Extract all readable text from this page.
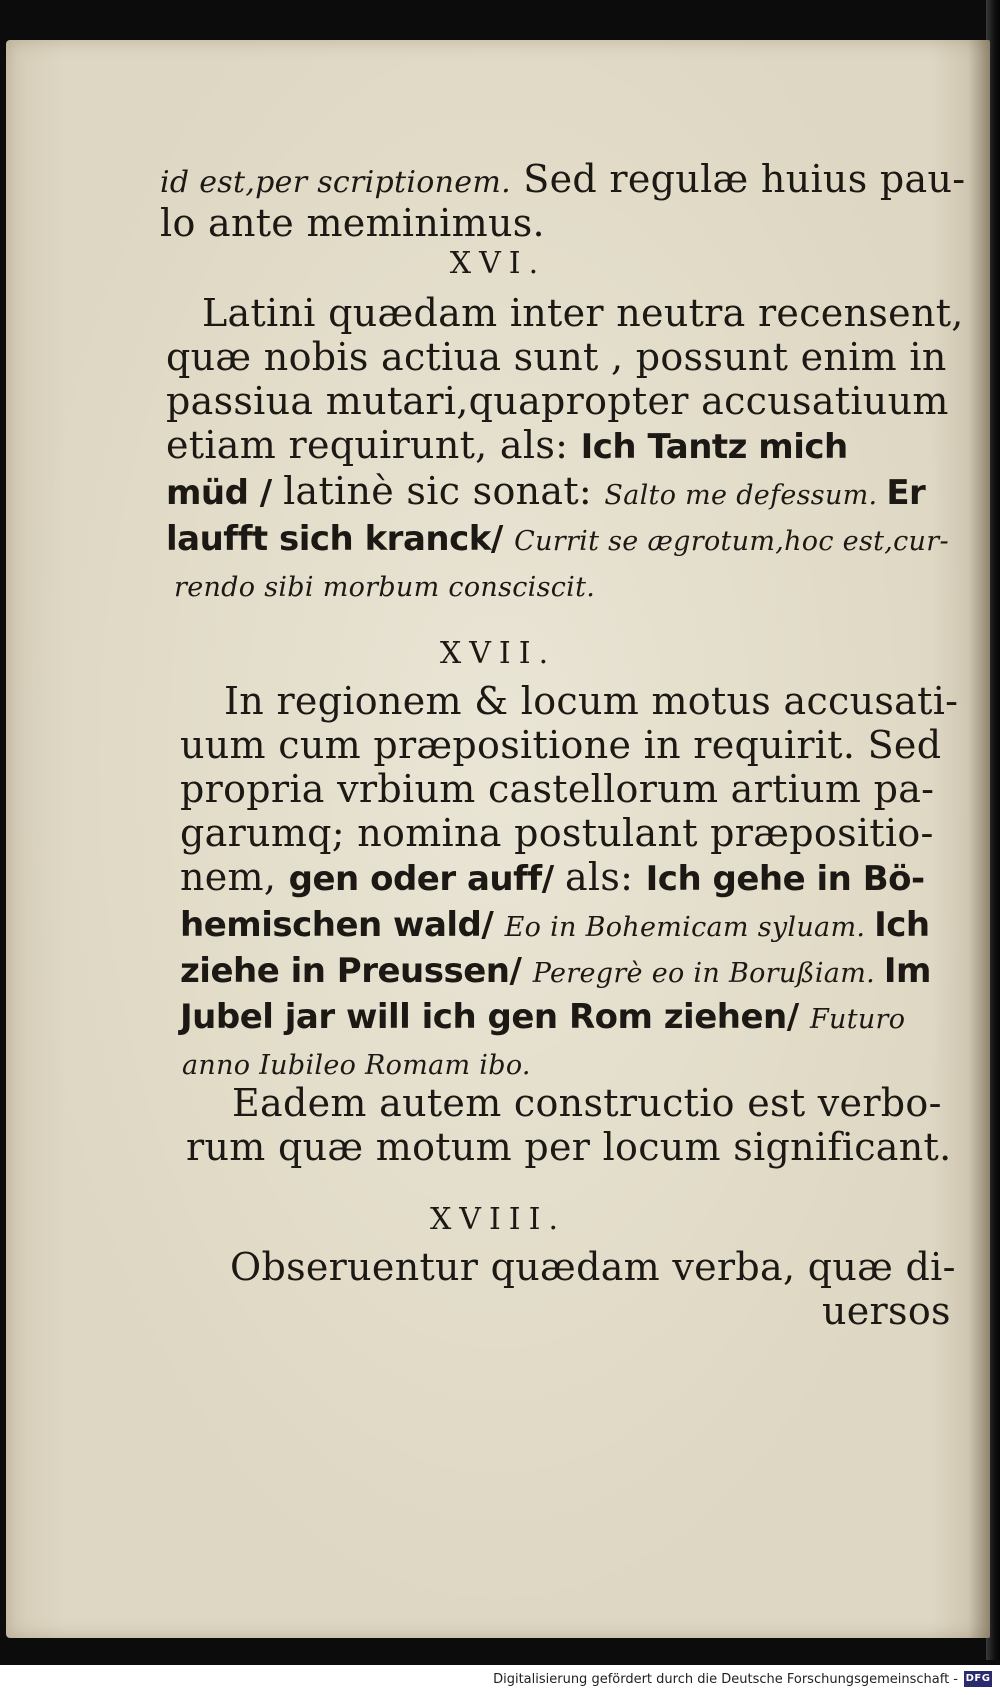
id est,per scriptionem. Sed regulæ huius pau-
lo ante meminimus.
XVI.
Latini quædam inter neutra recensent,
quæ nobis actiua sunt , possunt enim in
passiua mutari,quapropter accusatiuum
etiam requirunt, als: Ich Tantz mich
müd / latinè sic sonat: Salto me defessum. Er
laufft sich kranck/ Currit se ægrotum,hoc est,cur-
rendo sibi morbum consciscit.
XVII.
In regionem & locum motus accusati-
uum cum præpositione in requirit. Sed
propria vrbium castellorum artium pa-
garumq; nomina postulant præpositio-
nem, gen oder auff/ als: Ich gehe in Bö-
hemischen wald/ Eo in Bohemicam syluam. Ich
ziehe in Preussen/ Peregrè eo in Borußiam. Im
Jubel jar will ich gen Rom ziehen/ Futuro
anno Iubileo Romam ibo.
Eadem autem constructio est verbo-
rum quæ motum per locum significant.
XVIII.
Obseruentur quædam verba, quæ di-
uersos
Digitalisierung gefördert durch die Deutsche Forschungsgemeinschaft - DFG
